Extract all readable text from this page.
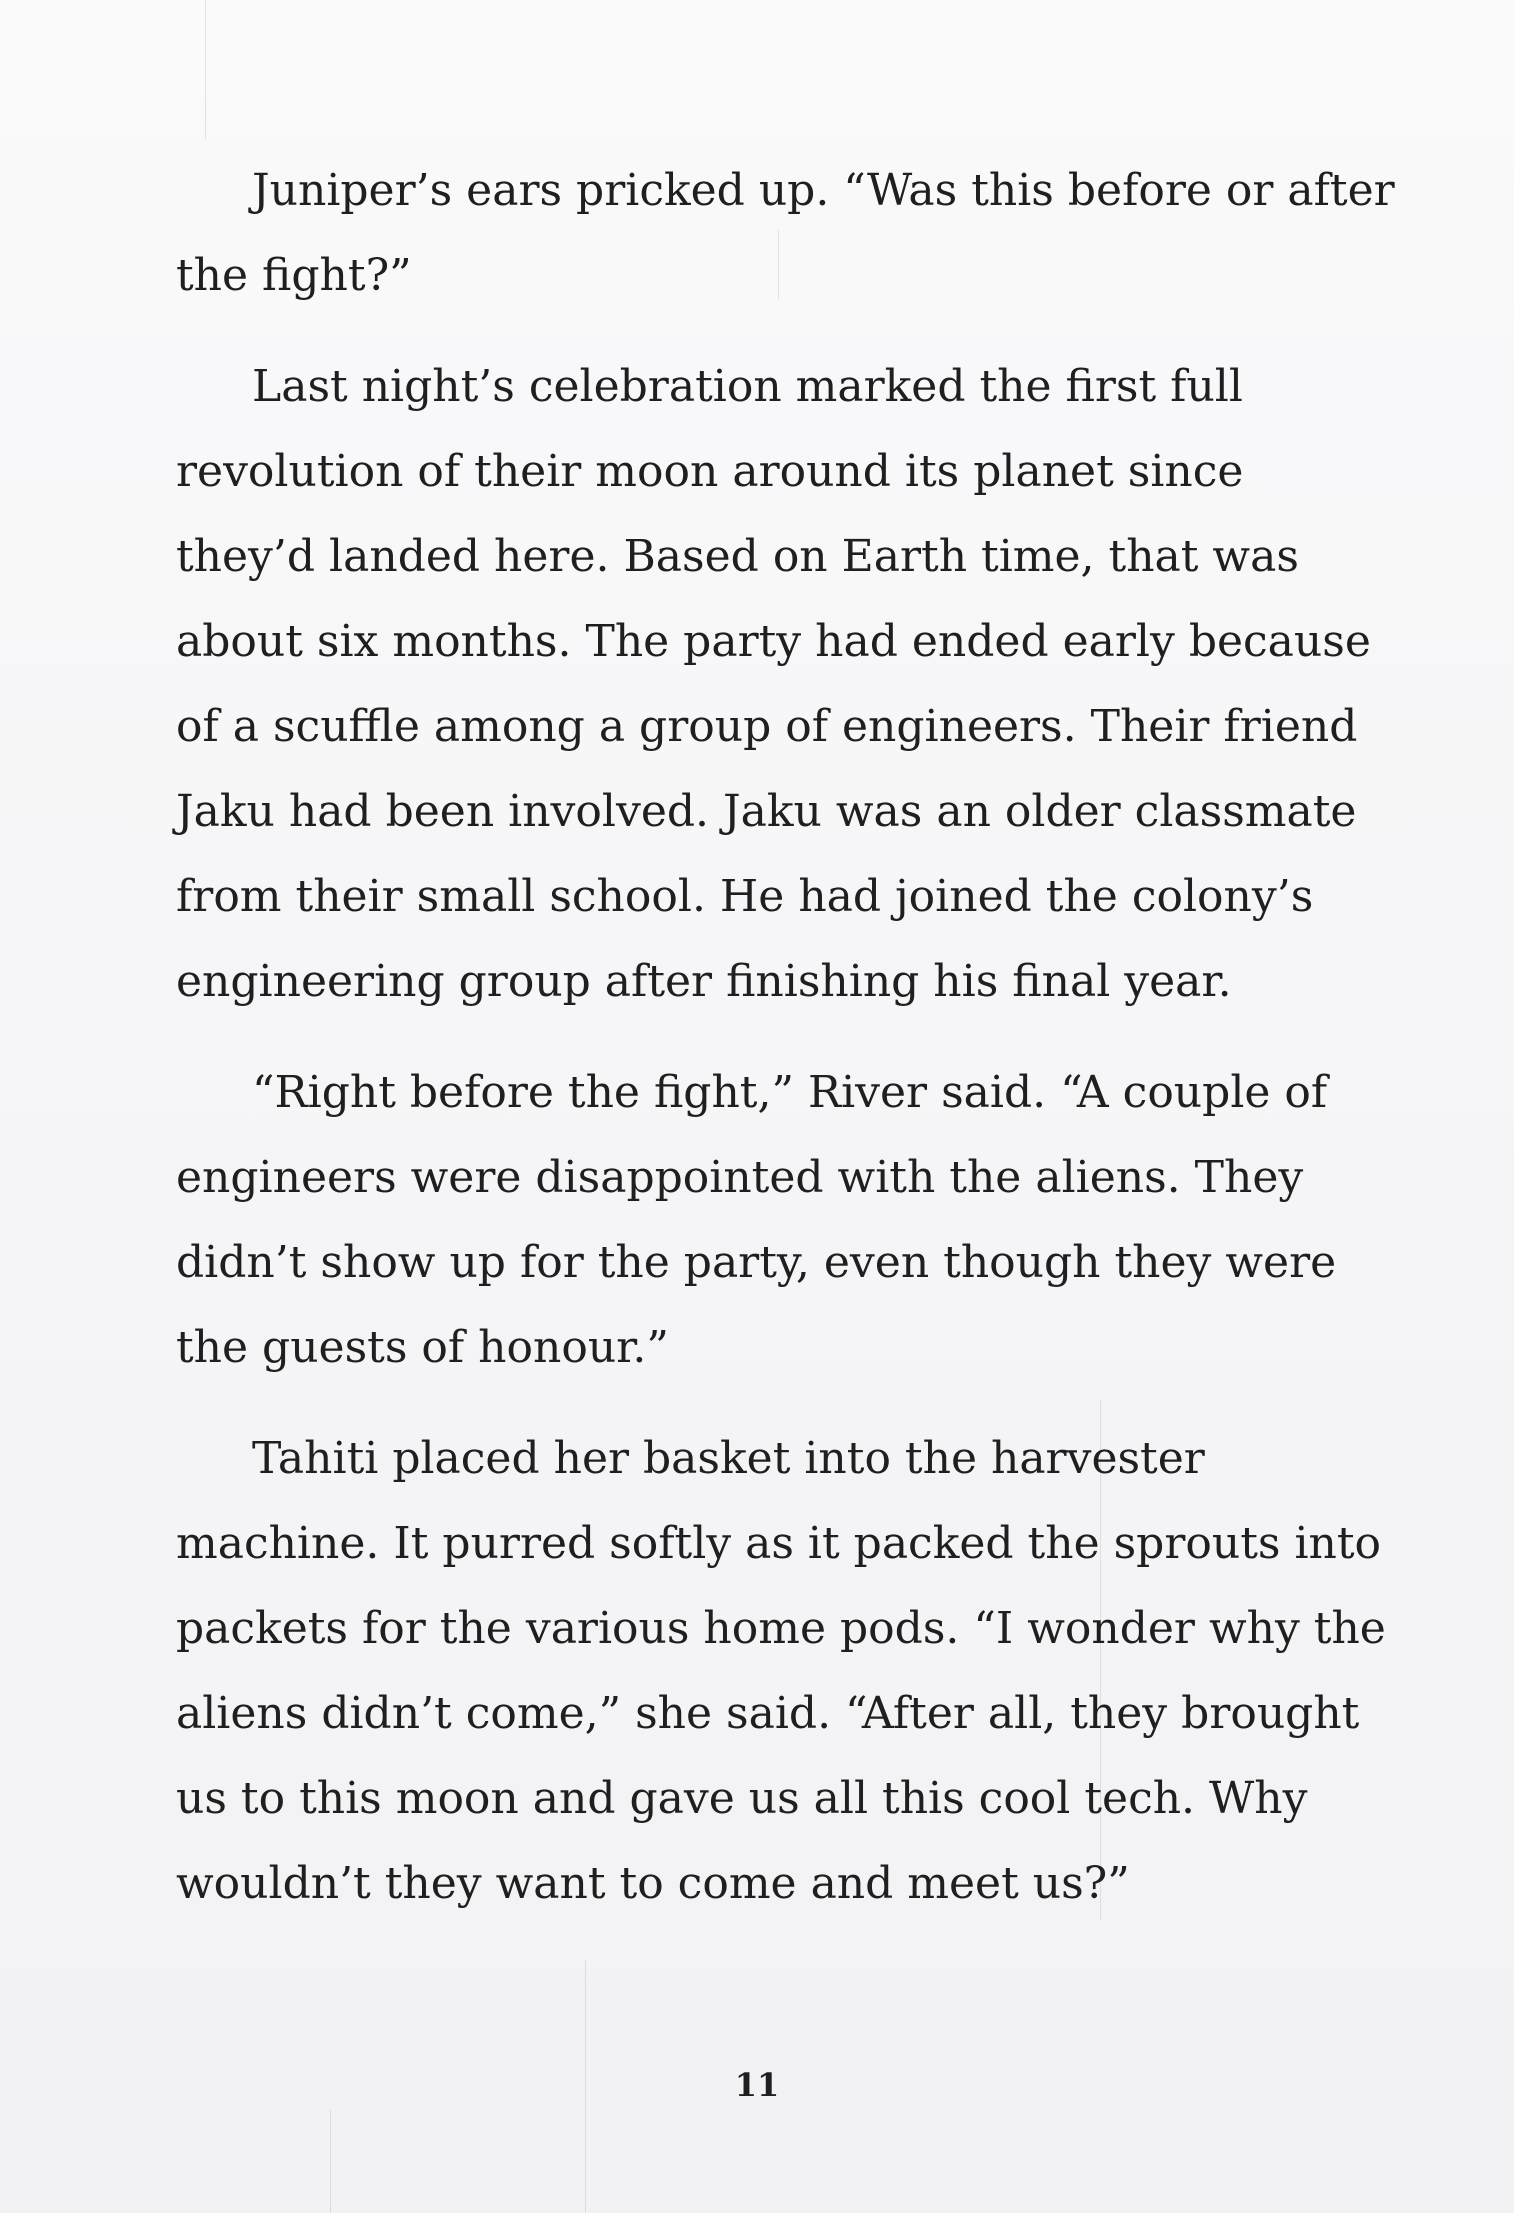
Juniper’s ears pricked up. “Was this before or after the fight?”

Last night’s celebration marked the first full revolution of their moon around its planet since they’d landed here. Based on Earth time, that was about six months. The party had ended early because of a scuffle among a group of engineers. Their friend Jaku had been involved. Jaku was an older classmate from their small school. He had joined the colony’s engineering group after finishing his final year.

“Right before the fight,” River said. “A couple of engineers were disappointed with the aliens. They didn’t show up for the party, even though they were the guests of honour.”

Tahiti placed her basket into the harvester machine. It purred softly as it packed the sprouts into packets for the various home pods. “I wonder why the aliens didn’t come,” she said. “After all, they brought us to this moon and gave us all this cool tech. Why wouldn’t they want to come and meet us?”

11
